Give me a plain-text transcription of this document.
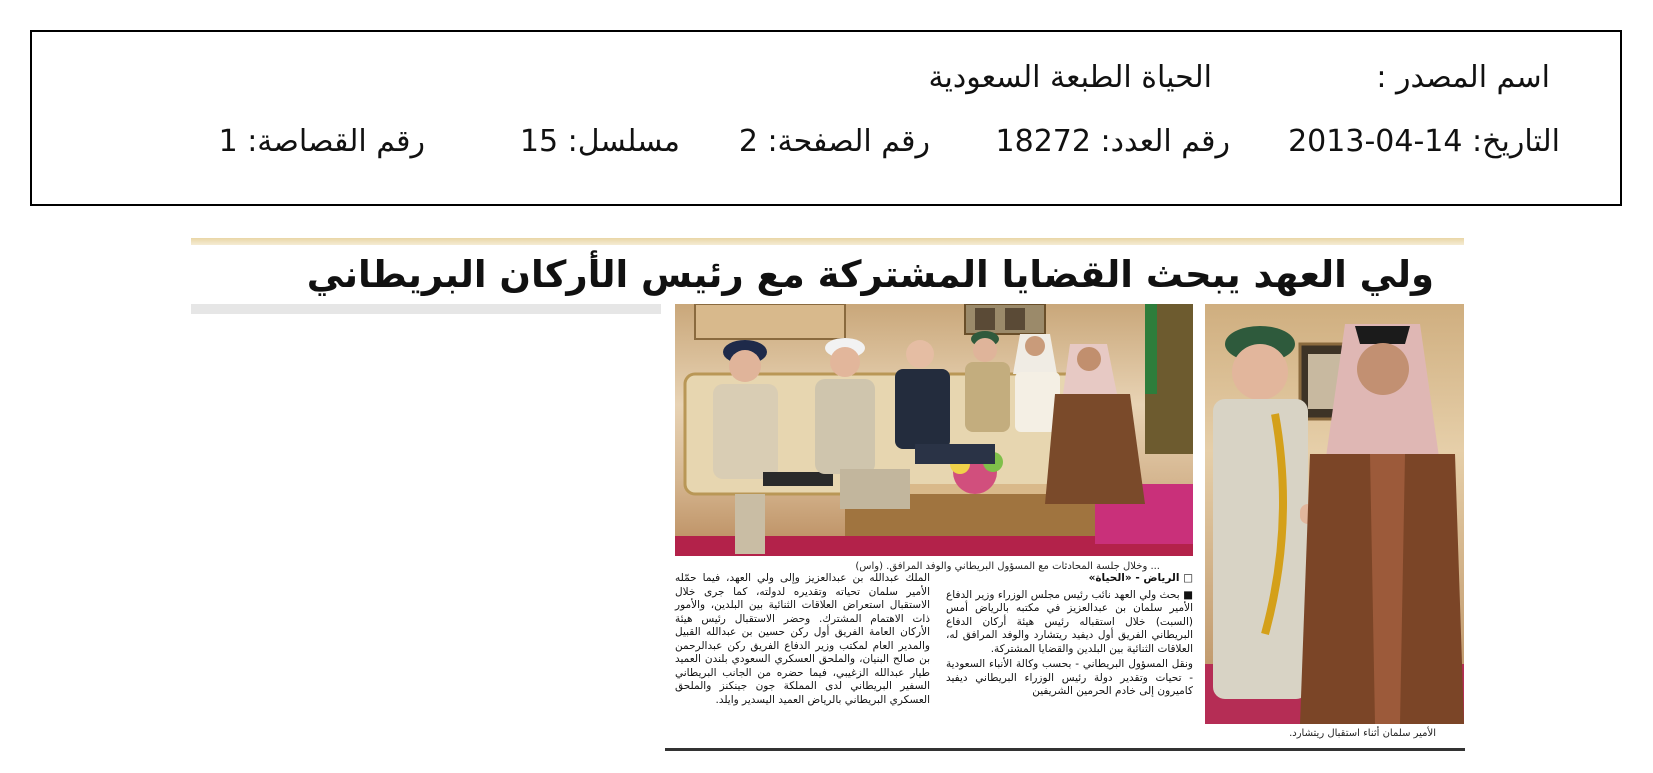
اسم المصدر :
الحياة الطبعة السعودية
التاريخ: 14-04-2013
رقم العدد: 18272
رقم الصفحة: 2
مسلسل: 15
رقم القصاصة: 1
ولي العهد يبحث القضايا المشتركة مع رئيس الأركان البريطاني
... وخلال جلسة المحادثات مع المسؤول البريطاني والوفد المرافق. (واس)
الأمير سلمان أثناء استقبال ريتشارد.
□ الرياض - «الحياة»

■ بحث ولي العهد نائب رئيس مجلس الوزراء وزير الدفاع الأمير سلمان بن عبدالعزيز في مكتبه بالرياض أمس (السبت) خلال استقباله رئيس هيئة أركان الدفاع البريطاني الفريق أول ديفيد ريتشارد والوفد المرافق له، العلاقات الثنائية بين البلدين والقضايا المشتركة.

ونقل المسؤول البريطاني - بحسب وكالة الأنباء السعودية - تحيات وتقدير دولة رئيس الوزراء البريطاني ديفيد كاميرون إلى خادم الحرمين الشريفين

الملك عبدالله بن عبدالعزيز وإلى ولي العهد، فيما حمّله الأمير سلمان تحياته وتقديره لدولته، كما جرى خلال الاستقبال استعراض العلاقات الثنائية بين البلدين، والأمور ذات الاهتمام المشترك. وحضر الاستقبال رئيس هيئة الأركان العامة الفريق أول ركن حسين بن عبدالله القبيل والمدير العام لمكتب وزير الدفاع الفريق ركن عبدالرحمن بن صالح البنيان، والملحق العسكري السعودي بلندن العميد طيار عبدالله الزغيبي، فيما حضره من الجانب البريطاني السفير البريطاني لدى المملكة جون جينكنز والملحق العسكري البريطاني بالرياض العميد اليسدير وايلد.
